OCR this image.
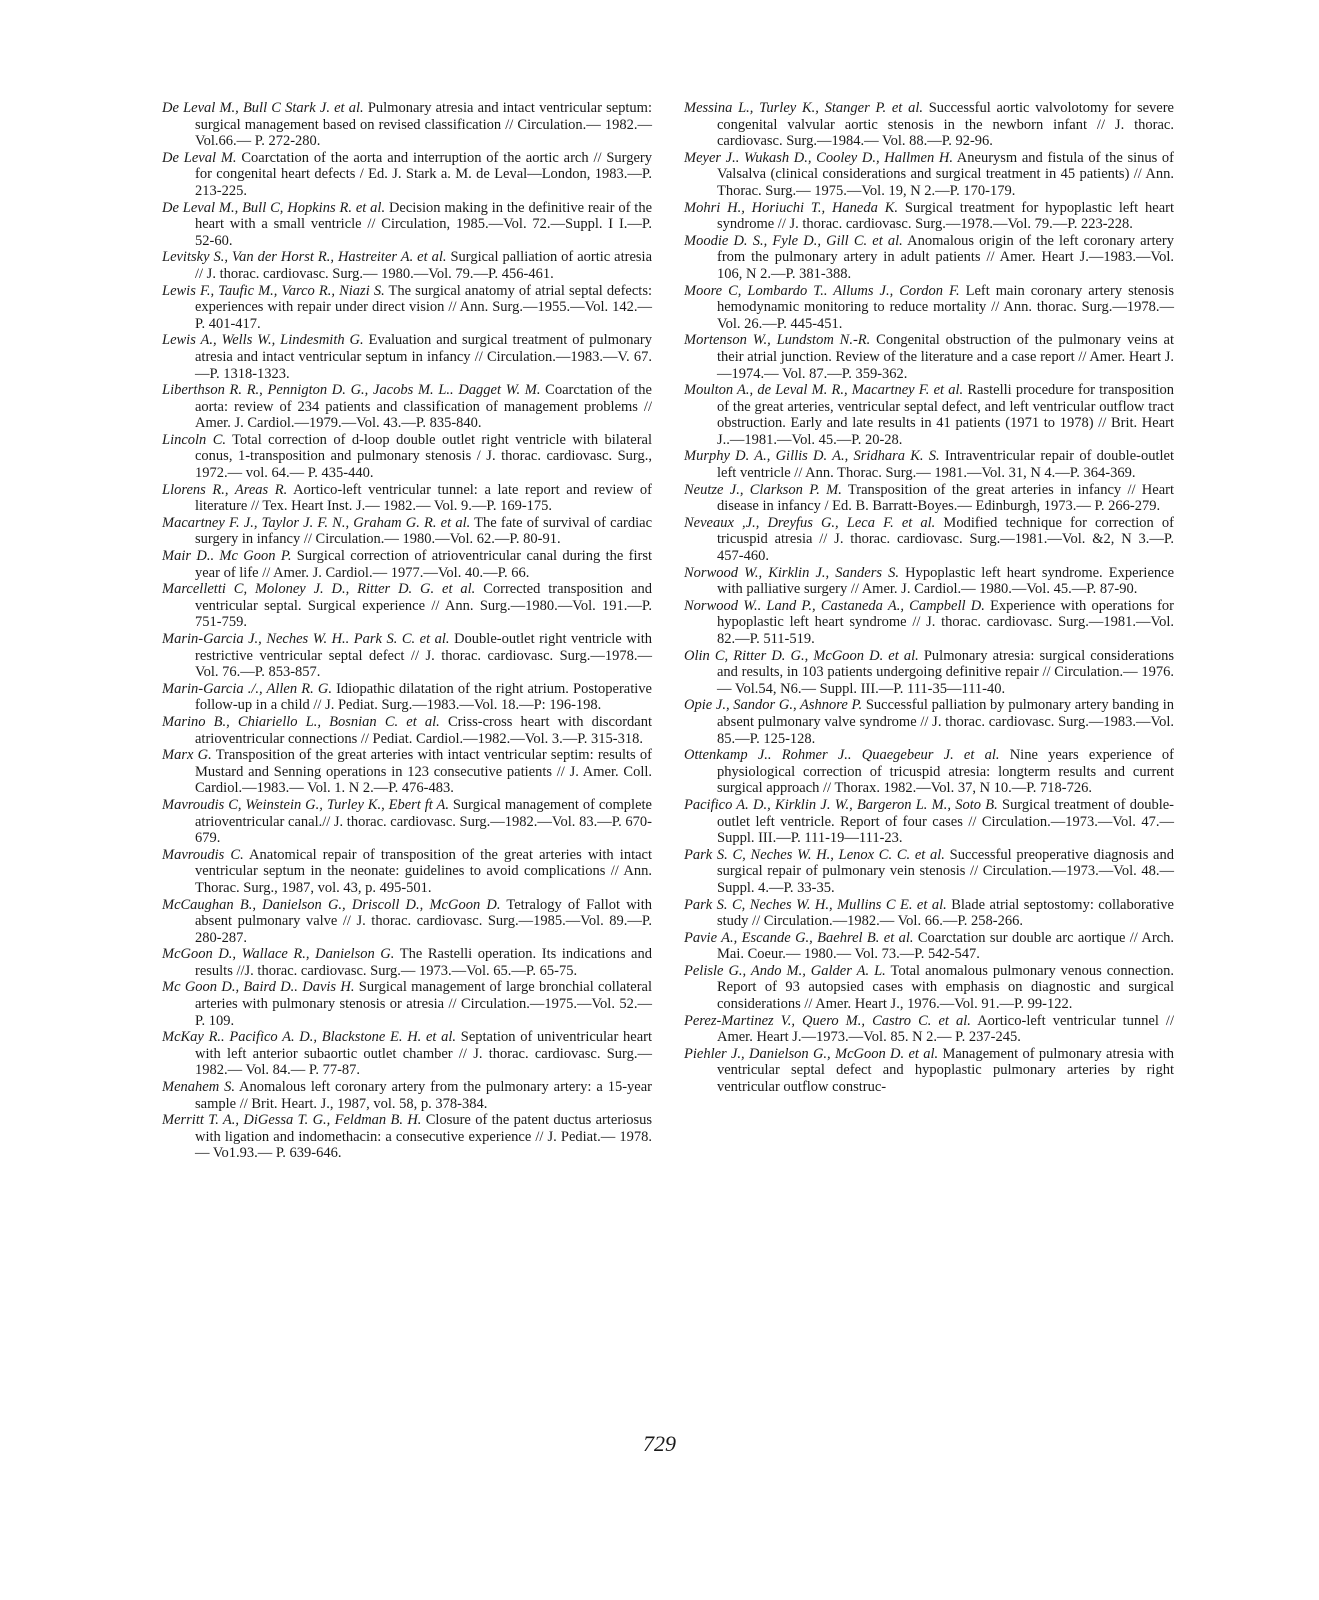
De Leval M., Bull C Stark J. et al. Pulmonary atresia and intact ventricular septum: surgical management based on revised classification // Circulation.— 1982.— Vol.66.— P. 272-280.

De Leval M. Coarctation of the aorta and interruption of the aortic arch // Surgery for congenital heart defects / Ed. J. Stark a. M. de Leval—London, 1983.—P. 213-225.

De Leval M., Bull C, Hopkins R. et al. Decision making in the definitive reair of the heart with a small ventricle // Circulation, 1985.—Vol. 72.—Suppl. I I.—P. 52-60.

Levitsky S., Van der Horst R., Hastreiter A. et al. Surgical palliation of aortic atresia // J. thorac. cardiovasc. Surg.— 1980.—Vol. 79.—P. 456-461.

Lewis F., Taufic M., Varco R., Niazi S. The surgical anatomy of atrial septal defects: experiences with repair under direct vision // Ann. Surg.—1955.—Vol. 142.—P. 401-417.

Lewis A., Wells W., Lindesmith G. Evaluation and surgical treatment of pulmonary atresia and intact ventricular septum in infancy // Circulation.—1983.—V. 67.—P. 1318-1323.

Liberthson R. R., Pennigton D. G., Jacobs M. L.. Dagget W. M. Coarctation of the aorta: review of 234 patients and classification of management problems // Amer. J. Cardiol.—1979.—Vol. 43.—P. 835-840.

Lincoln C. Total correction of d-loop double outlet right ventricle with bilateral conus, 1-transposition and pulmonary stenosis / J. thorac. cardiovasc. Surg., 1972.— vol. 64.— P. 435-440.

Llorens R., Areas R. Aortico-left ventricular tunnel: a late report and review of literature // Tex. Heart Inst. J.— 1982.— Vol. 9.—P. 169-175.

Macartney F. J., Taylor J. F. N., Graham G. R. et al. The fate of survival of cardiac surgery in infancy // Circulation.— 1980.—Vol. 62.—P. 80-91.

Mair D.. Mc Goon P. Surgical correction of atrioventricular canal during the first year of life // Amer. J. Cardiol.— 1977.—Vol. 40.—P. 66.

Marcelletti C, Moloney J. D., Ritter D. G. et al. Corrected transposition and ventricular septal. Surgical experience // Ann. Surg.—1980.—Vol. 191.—P. 751-759.

Marin-Garcia J., Neches W. H.. Park S. C. et al. Double-outlet right ventricle with restrictive ventricular septal defect // J. thorac. cardiovasc. Surg.—1978.—Vol. 76.—P. 853-857.

Marin-Garcia ./., Allen R. G. Idiopathic dilatation of the right atrium. Postoperative follow-up in a child // J. Pediat. Surg.—1983.—Vol. 18.—P: 196-198.

Marino B., Chiariello L., Bosnian C. et al. Criss-cross heart with discordant atrioventricular connections // Pediat. Cardiol.—1982.—Vol. 3.—P. 315-318.

Marx G. Transposition of the great arteries with intact ventricular septim: results of Mustard and Senning operations in 123 consecutive patients // J. Amer. Coll. Cardiol.—1983.— Vol. 1. N 2.—P. 476-483.

Mavroudis C, Weinstein G., Turley K., Ebert ft A. Surgical management of complete atrioventricular canal.// J. thorac. cardiovasc. Surg.—1982.—Vol. 83.—P. 670-679.

Mavroudis C. Anatomical repair of transposition of the great arteries with intact ventricular septum in the neonate: guidelines to avoid complications // Ann. Thorac. Surg., 1987, vol. 43, p. 495-501.

McCaughan B., Danielson G., Driscoll D., McGoon D. Tetralogy of Fallot with absent pulmonary valve // J. thorac. cardiovasc. Surg.—1985.—Vol. 89.—P. 280-287.

McGoon D., Wallace R., Danielson G. The Rastelli operation. Its indications and results //J. thorac. cardiovasc. Surg.— 1973.—Vol. 65.—P. 65-75.

Mc Goon D., Baird D.. Davis H. Surgical management of large bronchial collateral arteries with pulmonary stenosis or atresia // Circulation.—1975.—Vol. 52.—P. 109.

McKay R.. Pacifico A. D., Blackstone E. H. et al. Septation of univentricular heart with left anterior subaortic outlet chamber // J. thorac. cardiovasc. Surg.— 1982.— Vol. 84.— P. 77-87.

Menahem S. Anomalous left coronary artery from the pulmonary artery: a 15-year sample // Brit. Heart. J., 1987, vol. 58, p. 378-384.

Merritt T. A., DiGessa T. G., Feldman B. H. Closure of the patent ductus arteriosus with ligation and indomethacin: a consecutive experience // J. Pediat.— 1978.— Vo1.93.— P. 639-646.

Messina L., Turley K., Stanger P. et al. Successful aortic valvolotomy for severe congenital valvular aortic stenosis in the newborn infant // J. thorac. cardiovasc. Surg.—1984.— Vol. 88.—P. 92-96.

Meyer J.. Wukash D., Cooley D., Hallmen H. Aneurysm and fistula of the sinus of Valsalva (clinical considerations and surgical treatment in 45 patients) // Ann. Thorac. Surg.— 1975.—Vol. 19, N 2.—P. 170-179.

Mohri H., Horiuchi T., Haneda K. Surgical treatment for hypoplastic left heart syndrome // J. thorac. cardiovasc. Surg.—1978.—Vol. 79.—P. 223-228.

Moodie D. S., Fyle D., Gill C. et al. Anomalous origin of the left coronary artery from the pulmonary artery in adult patients // Amer. Heart J.—1983.—Vol. 106, N 2.—P. 381-388.

Moore C, Lombardo T.. Allums J., Cordon F. Left main coronary artery stenosis hemodynamic monitoring to reduce mortality // Ann. thorac. Surg.—1978.—Vol. 26.—P. 445-451.

Mortenson W., Lundstom N.-R. Congenital obstruction of the pulmonary veins at their atrial junction. Review of the literature and a case report // Amer. Heart J.—1974.— Vol. 87.—P. 359-362.

Moulton A., de Leval M. R., Macartney F. et al. Rastelli procedure for transposition of the great arteries, ventricular septal defect, and left ventricular outflow tract obstruction. Early and late results in 41 patients (1971 to 1978) // Brit. Heart J..—1981.—Vol. 45.—P. 20-28.

Murphy D. A., Gillis D. A., Sridhara K. S. Intraventricular repair of double-outlet left ventricle // Ann. Thorac. Surg.— 1981.—Vol. 31, N 4.—P. 364-369.

Neutze J., Clarkson P. M. Transposition of the great arteries in infancy // Heart disease in infancy / Ed. B. Barratt-Boyes.— Edinburgh, 1973.— P. 266-279.

Neveaux ,J., Dreyfus G., Leca F. et al. Modified technique for correction of tricuspid atresia // J. thorac. cardiovasc. Surg.—1981.—Vol. &2, N 3.—P. 457-460.

Norwood W., Kirklin J., Sanders S. Hypoplastic left heart syndrome. Experience with palliative surgery // Amer. J. Cardiol.— 1980.—Vol. 45.—P. 87-90.

Norwood W.. Land P., Castaneda A., Campbell D. Experience with operations for hypoplastic left heart syndrome // J. thorac. cardiovasc. Surg.—1981.—Vol. 82.—P. 511-519.

Olin C, Ritter D. G., McGoon D. et al. Pulmonary atresia: surgical considerations and results, in 103 patients undergoing definitive repair // Circulation.— 1976.— Vol.54, N6.— Suppl. III.—P. 111-35—111-40.

Opie J., Sandor G., Ashnore P. Successful palliation by pulmonary artery banding in absent pulmonary valve syndrome // J. thorac. cardiovasc. Surg.—1983.—Vol. 85.—P. 125-128.

Ottenkamp J.. Rohmer J.. Quaegebeur J. et al. Nine years experience of physiological correction of tricuspid atresia: longterm results and current surgical approach // Thorax. 1982.—Vol. 37, N 10.—P. 718-726.

Pacifico A. D., Kirklin J. W., Bargeron L. M., Soto B. Surgical treatment of double-outlet left ventricle. Report of four cases // Circulation.—1973.—Vol. 47.—Suppl. III.—P. 111-19—111-23.

Park S. C, Neches W. H., Lenox C. C. et al. Successful preoperative diagnosis and surgical repair of pulmonary vein stenosis // Circulation.—1973.—Vol. 48.—Suppl. 4.—P. 33-35.

Park S. C, Neches W. H., Mullins C E. et al. Blade atrial septostomy: collaborative study // Circulation.—1982.— Vol. 66.—P. 258-266.

Pavie A., Escande G., Baehrel B. et al. Coarctation sur double arc aortique // Arch. Mai. Coeur.— 1980.— Vol. 73.—P. 542-547.

Pelisle G., Ando M., Galder A. L. Total anomalous pulmonary venous connection. Report of 93 autopsied cases with emphasis on diagnostic and surgical considerations // Amer. Heart J., 1976.—Vol. 91.—P. 99-122.

Perez-Martinez V., Quero M., Castro C. et al. Aortico-left ventricular tunnel // Amer. Heart J.—1973.—Vol. 85. N 2.— P. 237-245.

Piehler J., Danielson G., McGoon D. et al. Management of pulmonary atresia with ventricular septal defect and hypoplastic pulmonary arteries by right ventricular outflow construc-

729
